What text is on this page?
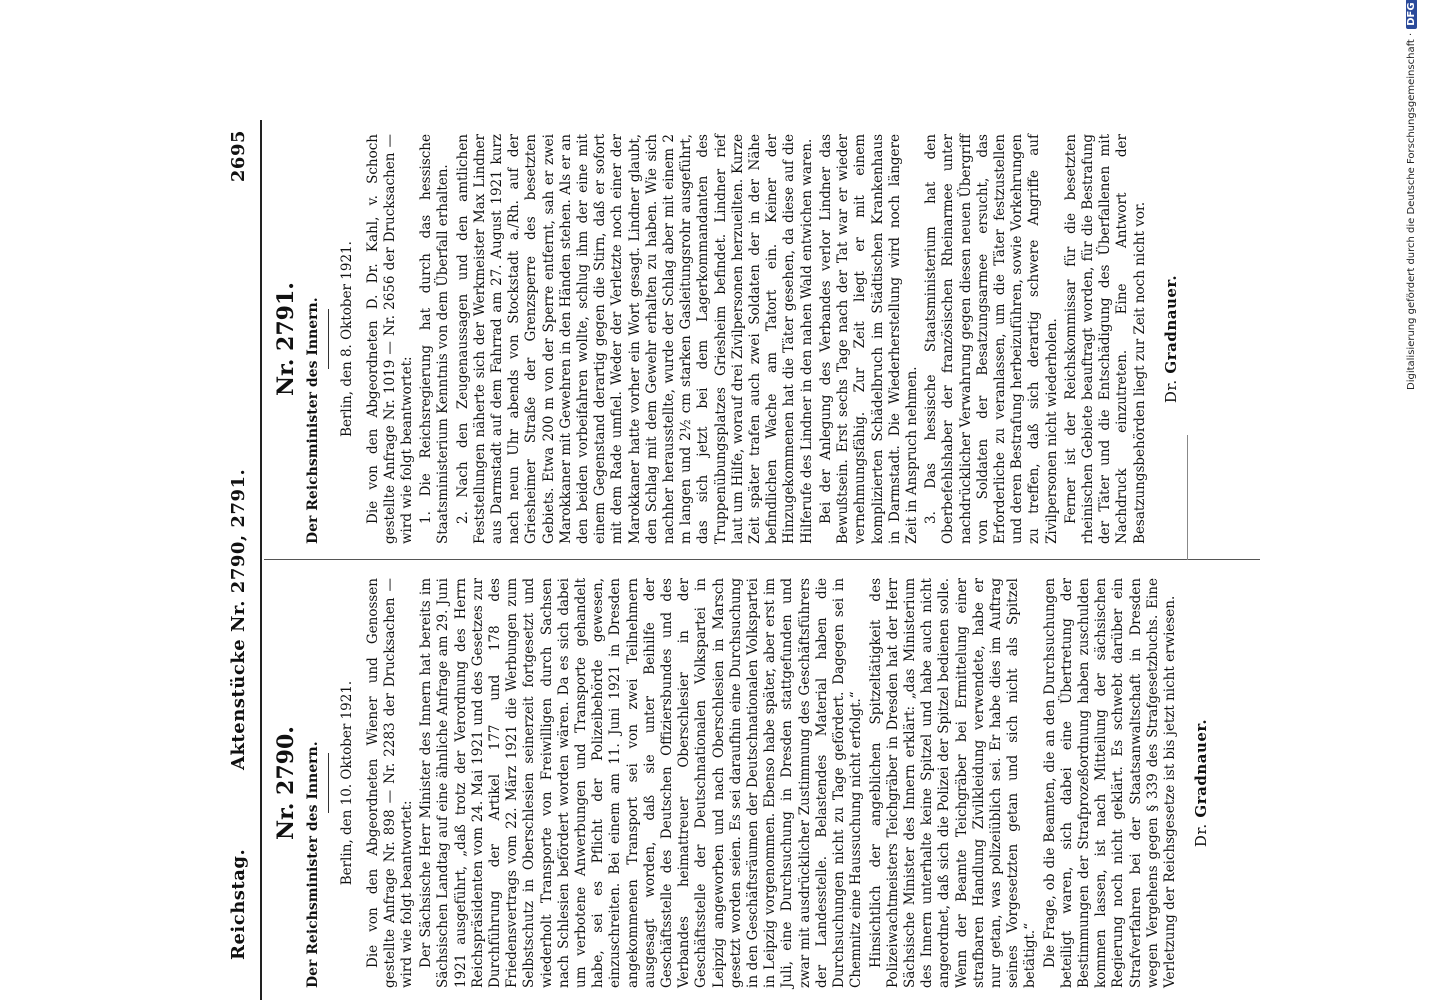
Reichstag.
Aktenstücke Nr. 2790, 2791.
2695
Nr. 2790. Der Reichsminister des Innern. Berlin, den 10. Oktober 1921. Die von den Abgeordneten Wiener und Genossen gestellte Anfrage Nr. 898 — Nr. 2283 der Drucksachen — wird wie folgt beantwortet: Der Sächsische Herr Minister des Innern hat bereits im Sächsischen Landtag auf eine ähnliche Anfrage am 29. Juni 1921 ausgeführt, „daß trotz der Verordnung des Herrn Reichspräsidenten vom 24. Mai 1921 und des Gesetzes zur Durchführung der Artikel 177 und 178 des Friedensvertrags vom 22. März 1921 die Werbungen zum Selbstschutz in Oberschlesien seinerzeit fortgesetzt und wiederholt Transporte von Freiwilligen durch Sachsen nach Schlesien befördert worden wären. Da es sich dabei um verbotene Anwerbungen und Transporte gehandelt habe, sei es Pflicht der Polizeibehörde gewesen, einzuschreiten. Bei einem am 11. Juni 1921 in Dresden angekommenen Transport sei von zwei Teilnehmern ausgesagt worden, daß sie unter Beihilfe der Geschäftsstelle des Deutschen Offiziersbundes und des Verbandes heimattreuer Oberschlesier in der Geschäftsstelle der Deutschnationalen Volkspartei in Leipzig angeworben und nach Oberschlesien in Marsch gesetzt worden seien. Es sei daraufhin eine Durchsuchung in den Geschäftsräumen der Deutschnationalen Volkspartei in Leipzig vorgenommen. Ebenso habe später, aber erst im Juli, eine Durchsuchung in Dresden stattgefunden und zwar mit ausdrücklicher Zustimmung des Geschäftsführers der Landesstelle. Belastendes Material haben die Durchsuchungen nicht zu Tage gefördert. Dagegen sei in Chemnitz eine Haussuchung nicht erfolgt.“ Hinsichtlich der angeblichen Spitzeltätigkeit des Polizeiwachtmeisters Teichgräber in Dresden hat der Herr Sächsische Minister des Innern erklärt: „das Ministerium des Innern unterhalte keine Spitzel und habe auch nicht angeordnet, daß sich die Polizei der Spitzel bedienen solle. Wenn der Beamte Teichgräber bei Ermittelung einer strafbaren Handlung Zivilkleidung verwendete, habe er nur getan, was polizeiüblich sei. Er habe dies im Auftrag seines Vorgesetzten getan und sich nicht als Spitzel betätigt.“ Die Frage, ob die Beamten, die an den Durchsuchungen beteiligt waren, sich dabei eine Übertretung der Bestimmungen der Strafprozeßordnung haben zuschulden kommen lassen, ist nach Mitteilung der sächsischen Regierung noch nicht geklärt. Es schwebt darüber ein Strafverfahren bei der Staatsanwaltschaft in Dresden wegen Vergehens gegen § 339 des Strafgesetzbuchs. Eine Verletzung der Reichsgesetze ist bis jetzt nicht erwiesen. Dr. Gradnauer.
Nr. 2791. Der Reichsminister des Innern. Berlin, den 8. Oktober 1921. Die von den Abgeordneten D. Dr. Kahl, v. Schoch gestellte Anfrage Nr. 1019 — Nr. 2656 der Drucksachen — wird wie folgt beantwortet: 1. Die Reichsregierung hat durch das hessische Staatsministerium Kenntnis von dem Überfall erhalten. 2. Nach den Zeugenaussagen und den amtlichen Feststellungen näherte sich der Werkmeister Max Lindner aus Darmstadt auf dem Fahrrad am 27. August 1921 kurz nach neun Uhr abends von Stockstadt a./Rh. auf der Griesheimer Straße der Grenzsperre des besetzten Gebiets. Etwa 200 m von der Sperre entfernt, sah er zwei Marokkaner mit Gewehren in den Händen stehen. Als er an den beiden vorbeifahren wollte, schlug ihm der eine mit einem Gegenstand derartig gegen die Stirn, daß er sofort mit dem Rade umfiel. Weder der Verletzte noch einer der Marokkaner hatte vorher ein Wort gesagt. Lindner glaubt, den Schlag mit dem Gewehr erhalten zu haben. Wie sich nachher herausstellte, wurde der Schlag aber mit einem 2 m langen und 2½ cm starken Gasleitungsrohr ausgeführt, das sich jetzt bei dem Lagerkommandanten des Truppenübungsplatzes Griesheim befindet. Lindner rief laut um Hilfe, worauf drei Zivilpersonen herzueilten. Kurze Zeit später trafen auch zwei Soldaten der in der Nähe befindlichen Wache am Tatort ein. Keiner der Hinzugekommenen hat die Täter gesehen, da diese auf die Hilferufe des Lindner in den nahen Wald entwichen waren. Bei der Anlegung des Verbandes verlor Lindner das Bewußtsein. Erst sechs Tage nach der Tat war er wieder vernehmungsfähig. Zur Zeit liegt er mit einem komplizierten Schädelbruch im Städtischen Krankenhaus in Darmstadt. Die Wiederherstellung wird noch längere Zeit in Anspruch nehmen. 3. Das hessische Staatsministerium hat den Oberbefehlshaber der französischen Rheinarmee unter nachdrücklicher Verwahrung gegen diesen neuen Übergriff von Soldaten der Besatzungsarmee ersucht, das Erforderliche zu veranlassen, um die Täter festzustellen und deren Bestrafung herbeizuführen, sowie Vorkehrungen zu treffen, daß sich derartig schwere Angriffe auf Zivilpersonen nicht wiederholen. Ferner ist der Reichskommissar für die besetzten rheinischen Gebiete beauftragt worden, für die Bestrafung der Täter und die Entschädigung des Überfallenen mit Nachdruck einzutreten. Eine Antwort der Besatzungsbehörden liegt zur Zeit noch nicht vor. Dr. Gradnauer.	Digitalisierung gefördert durch die Deutsche Forschungsgemeinschaft ·DFG
